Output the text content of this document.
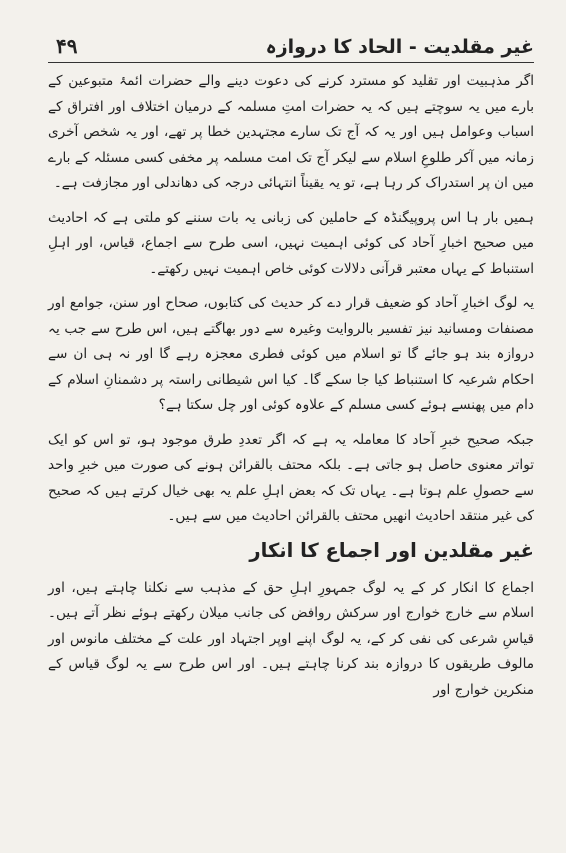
۴۹	غیر مقلدیت - الحاد کا دروازہ

اگر مذہبیت اور تقلید کو مسترد کرنے کی دعوت دینے والے حضرات ائمۂ متبوعین کے بارے میں یہ سوچتے ہیں کہ یہ حضرات امتِ مسلمہ کے درمیان اختلاف اور افتراق کے اسباب وعوامل ہیں اور یہ کہ آج تک سارے مجتہدین خطا پر تھے، اور یہ شخص آخری زمانہ میں آکر طلوعِ اسلام سے لیکر آج تک امت مسلمہ پر مخفی کسی مسئلہ کے بارے میں ان پر استدراک کر رہا ہے، تو یہ یقیناً انتہائی درجہ کی دھاندلی اور مجازفت ہے۔

ہمیں بار ہا اس پروپیگنڈہ کے حاملین کی زبانی یہ بات سننے کو ملتی ہے کہ احادیث میں صحیح اخبارِ آحاد کی کوئی اہمیت نہیں، اسی طرح سے اجماع، قیاس، اور اہلِ استنباط کے یہاں معتبر قرآنی دلالات کوئی خاص اہمیت نہیں رکھتے۔

یہ لوگ اخبارِ آحاد کو ضعیف قرار دے کر حدیث کی کتابوں، صحاح اور سنن، جوامع اور مصنفات ومسانید نیز تفسیر بالروایت وغیرہ سے دور بھاگتے ہیں، اس طرح سے جب یہ دروازہ بند ہو جائے گا تو اسلام میں کوئی فطری معجزہ رہے گا اور نہ ہی ان سے احکام شرعیہ کا استنباط کیا جا سکے گا۔ کیا اس شیطانی راستہ پر دشمنانِ اسلام کے دام میں پھنسے ہوئے کسی مسلم کے علاوہ کوئی اور چل سکتا ہے؟

جبکہ صحیح خبرِ آحاد کا معاملہ یہ ہے کہ اگر تعددِ طرق موجود ہو، تو اس کو ایک تواتر معنوی حاصل ہو جاتی ہے۔ بلکہ محتف بالقرائن ہونے کی صورت میں خبرِ واحد سے حصولِ علم ہوتا ہے۔ یہاں تک کہ بعض اہلِ علم یہ بھی خیال کرتے ہیں کہ صحیح کی غیر منتقد احادیث انھیں محتف بالقرائن احادیث میں سے ہیں۔

غیر مقلدین اور اجماع کا انکار

اجماع کا انکار کر کے یہ لوگ جمہورِ اہلِ حق کے مذہب سے نکلنا چاہتے ہیں، اور اسلام سے خارج خوارج اور سرکش روافض کی جانب میلان رکھتے ہوئے نظر آتے ہیں۔ قیاسِ شرعی کی نفی کر کے، یہ لوگ اپنے اوپر اجتہاد اور علت کے مختلف مانوس اور مالوف طریقوں کا دروازہ بند کرنا چاہتے ہیں۔ اور اس طرح سے یہ لوگ قیاس کے منکرین خوارج اور
